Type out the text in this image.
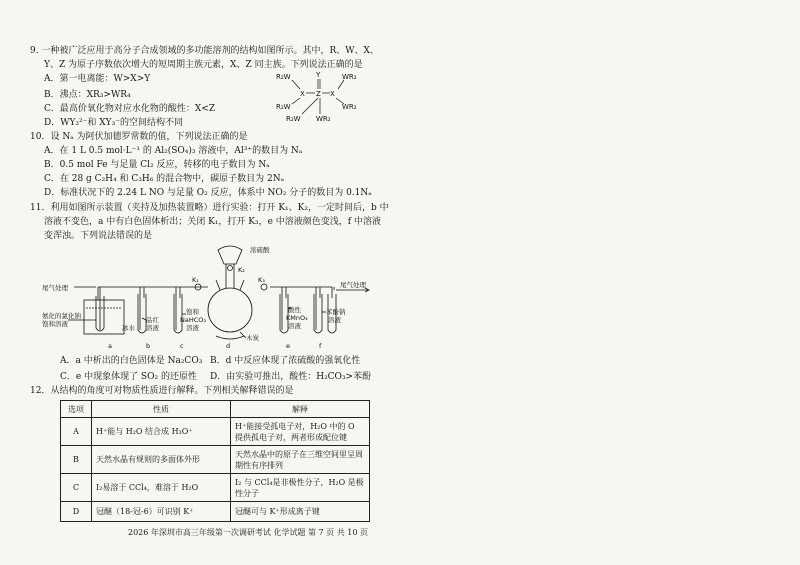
9. 一种被广泛应用于高分子合成领域的多功能溶剂的结构如图所示。其中，R、W、X、
Y、Z 为原子序数依次增大的短周期主族元素，X、Z 同主族。下列说法正确的是
A．第一电离能：W>X>Y
B．沸点：XR₃>WR₄
C．最高价氧化物对应水化物的酸性：X<Z
D．WY₃²⁻和 XY₃⁻的空间结构不同
R₂W	Y	WR₂
X Z X
R₂W	WR₂
R₂W WR₂
10．设 Nₐ 为阿伏加德罗常数的值，下列说法正确的是
A．在 1 L 0.5 mol·L⁻¹ 的 Al₂(SO₄)₃ 溶液中，Al³⁺的数目为 Nₐ
B．0.5 mol Fe 与足量 Cl₂ 反应，转移的电子数目为 Nₐ
C．在 28 g C₂H₄ 和 C₃H₆ 的混合物中，碳原子数目为 2Nₐ
D．标准状况下的 2.24 L NO 与足量 O₂ 反应，体系中 NO₂ 分子的数目为 0.1Nₐ
11．利用如图所示装置（夹持及加热装置略）进行实验：打开 K₁、K₂，一定时间后，b 中
溶液不变色，a 中有白色固体析出；关闭 K₁，打开 K₃，e 中溶液颜色变浅，f 中溶液
变浑浊。下列说法错误的是
尾气处理	尾气处理
浓硫酸
K₁
K₂
K₃
氨化的氯化钠
饱和溶液	冰水
品红
溶液
饱和
NaHCO₃
溶液
木炭
酸性
KMnO₄
溶液
苯酚钠
溶液
a	b	c	d	e	f
A．a 中析出的白色固体是 Na₂CO₃ B．d 中反应体现了浓硫酸的强氧化性
C．e 中现象体现了 SO₂ 的还原性 D．由实验可推出，酸性：H₂CO₃>苯酚
12．从结构的角度可对物质性质进行解释。下列相关解释错误的是
选项	性质	解释
A	H⁺能与 H₂O 结合成 H₃O⁺	H⁺能接受孤电子对，H₂O 中的 O 提供孤电子对，两者形成配位键
B	天然水晶有规则的多面体外形	天然水晶中的原子在三维空间里呈周期性有序排列
C	I₂易溶于 CCl₄，难溶于 H₂O	I₂ 与 CCl₄是非极性分子，H₂O 是极性分子
D	冠醚（18-冠-6）可识别 K⁺	冠醚可与 K⁺形成离子键
2026 年深圳市高三年级第一次调研考试 化学试题 第 7 页 共 10 页
